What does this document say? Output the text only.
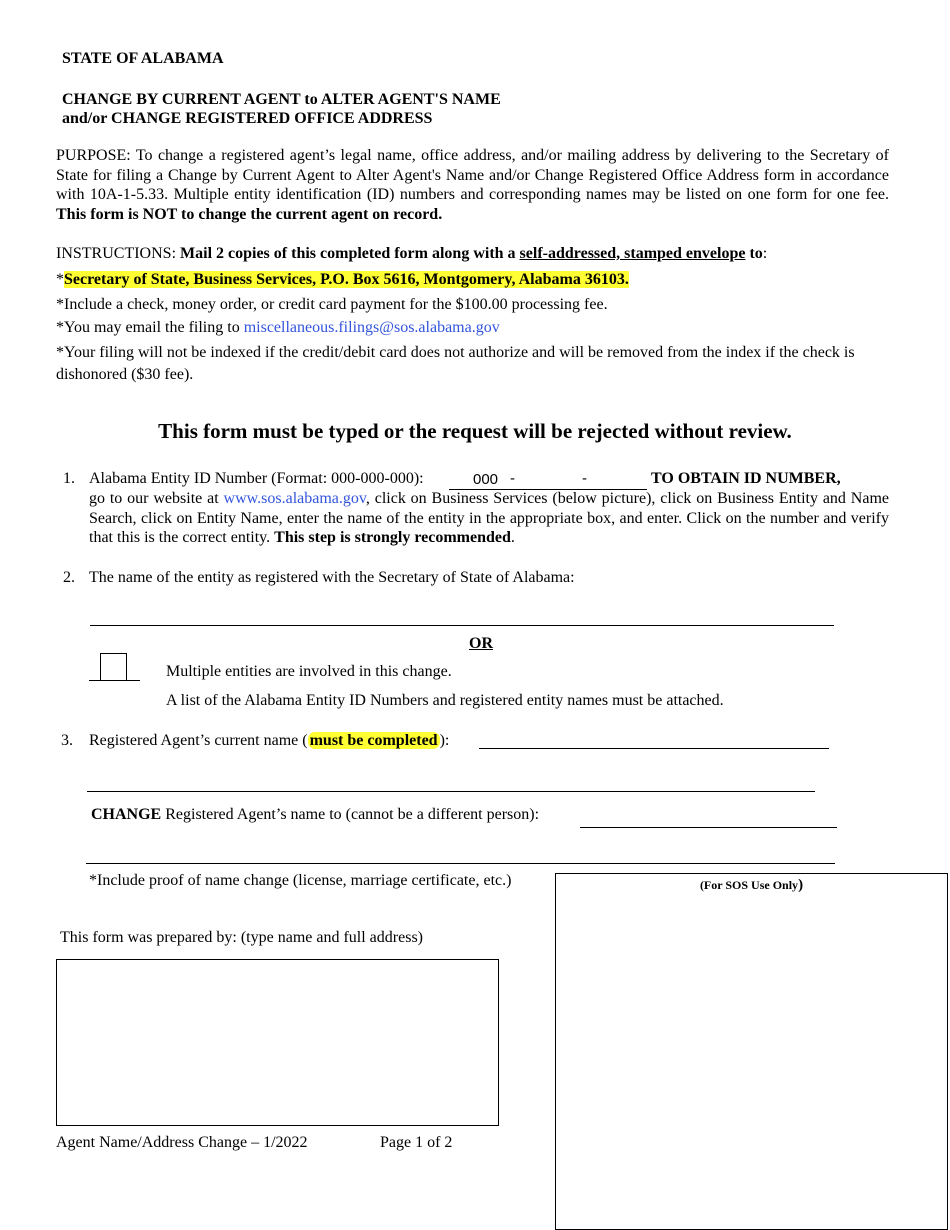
STATE OF ALABAMA
CHANGE BY CURRENT AGENT to ALTER AGENT'S NAME
and/or CHANGE REGISTERED OFFICE ADDRESS
PURPOSE: To change a registered agent’s legal name, office address, and/or mailing address by delivering to the Secretary of State for filing a Change by Current Agent to Alter Agent's Name and/or Change Registered Office Address form in accordance with 10A-1-5.33. Multiple entity identification (ID) numbers and corresponding names may be listed on one form for one fee. This form is NOT to change the current agent on record.
INSTRUCTIONS: Mail 2 copies of this completed form along with a self-addressed, stamped envelope to:
*Secretary of State, Business Services, P.O. Box 5616, Montgomery, Alabama 36103.
*Include a check, money order, or credit card payment for the $100.00 processing fee.
*You may email the filing to miscellaneous.filings@sos.alabama.gov
*Your filing will not be indexed if the credit/debit card does not authorize and will be removed from the index if the check is dishonored ($30 fee).
This form must be typed or the request will be rejected without review.
1. Alabama Entity ID Number (Format: 000-000-000):	000 -	-	TO OBTAIN ID NUMBER,
go to our website at www.sos.alabama.gov, click on Business Services (below picture), click on Business Entity and Name Search, click on Entity Name, enter the name of the entity in the appropriate box, and enter. Click on the number and verify that this is the correct entity. This step is strongly recommended.
2. The name of the entity as registered with the Secretary of State of Alabama:
OR
Multiple entities are involved in this change.
A list of the Alabama Entity ID Numbers and registered entity names must be attached.
3. Registered Agent’s current name ( must be completed ):
CHANGE Registered Agent’s name to (cannot be a different person):
*Include proof of name change (license, marriage certificate, etc.)	(For SOS Use Only)
This form was prepared by: (type name and full address)
Agent Name/Address Change – 1/2022	Page 1 of 2
